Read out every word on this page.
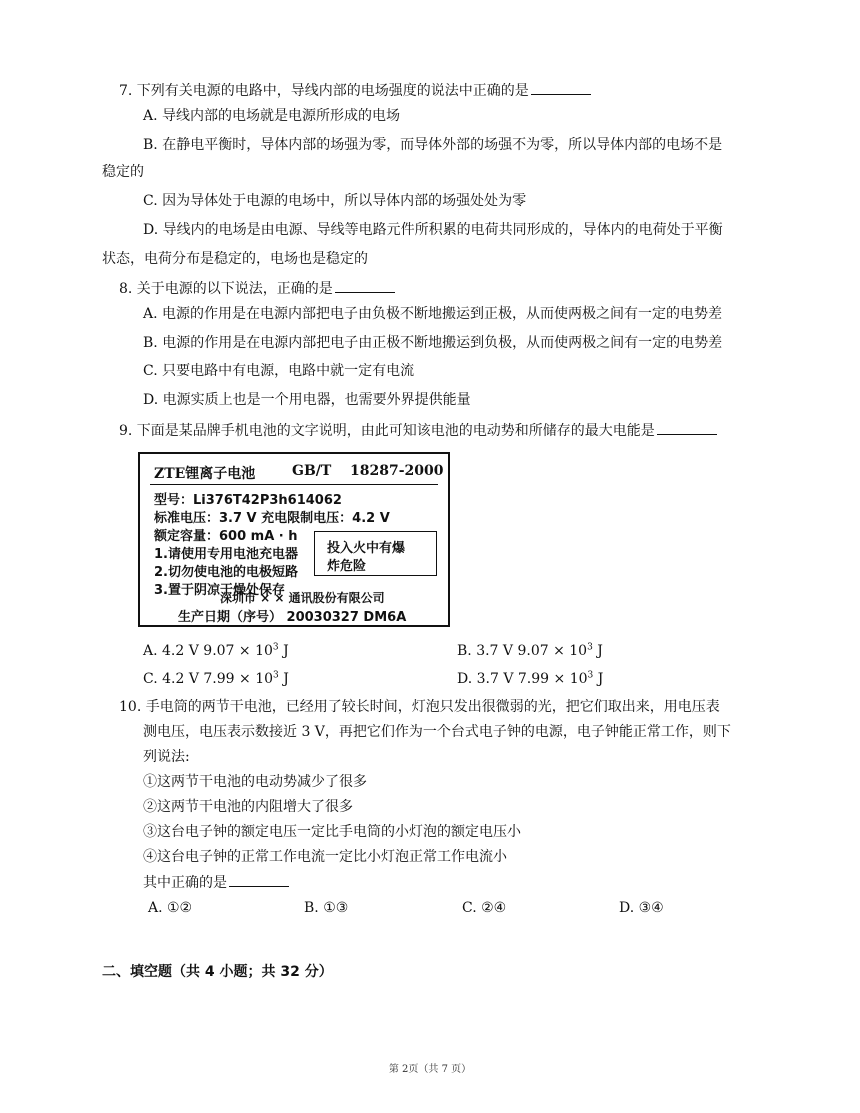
7. 下列有关电源的电路中，导线内部的电场强度的说法中正确的是
A. 导线内部的电场就是电源所形成的电场
B. 在静电平衡时，导体内部的场强为零，而导体外部的场强不为零，所以导体内部的电场不是
稳定的
C. 因为导体处于电源的电场中，所以导体内部的场强处处为零
D. 导线内的电场是由电源、导线等电路元件所积累的电荷共同形成的，导体内的电荷处于平衡
状态，电荷分布是稳定的，电场也是稳定的
8. 关于电源的以下说法，正确的是
A. 电源的作用是在电源内部把电子由负极不断地搬运到正极，从而使两极之间有一定的电势差
B. 电源的作用是在电源内部把电子由正极不断地搬运到负极，从而使两极之间有一定的电势差
C. 只要电路中有电源，电路中就一定有电流
D. 电源实质上也是一个用电器，也需要外界提供能量
9. 下面是某品牌手机电池的文字说明，由此可知该电池的电动势和所储存的最大电能是
ZTE锂离子电池	GB/T 18287-2000
型号：Li376T42P3h614062
标准电压：3.7 V 充电限制电压：4.2 V
额定容量：600 mA · h
1.请使用专用电池充电器
2.切勿使电池的电极短路
3.置于阴凉干燥处保存
投入火中有爆
炸危险
深圳市 × × 通讯股份有限公司
生产日期（序号） 20030327 DM6A
A. 4.2 V $9.07 \times 10^3$ J	B. 3.7 V $9.07 \times 10^3$ J
C. 4.2 V $7.99 \times 10^3$ J	D. 3.7 V $7.99 \times 10^3$ J
10. 手电筒的两节干电池，已经用了较长时间，灯泡只发出很微弱的光，把它们取出来，用电压表
测电压，电压表示数接近 3 V，再把它们作为一个台式电子钟的电源，电子钟能正常工作，则下
列说法:
①这两节干电池的电动势减少了很多
②这两节干电池的内阻增大了很多
③这台电子钟的额定电压一定比手电筒的小灯泡的额定电压小
④这台电子钟的正常工作电流一定比小灯泡正常工作电流小
其中正确的是
A. ①②	B. ①③	C. ②④	D. ③④
二、填空题（共 4 小题；共 32 分）
第 2页（共 7 页）
